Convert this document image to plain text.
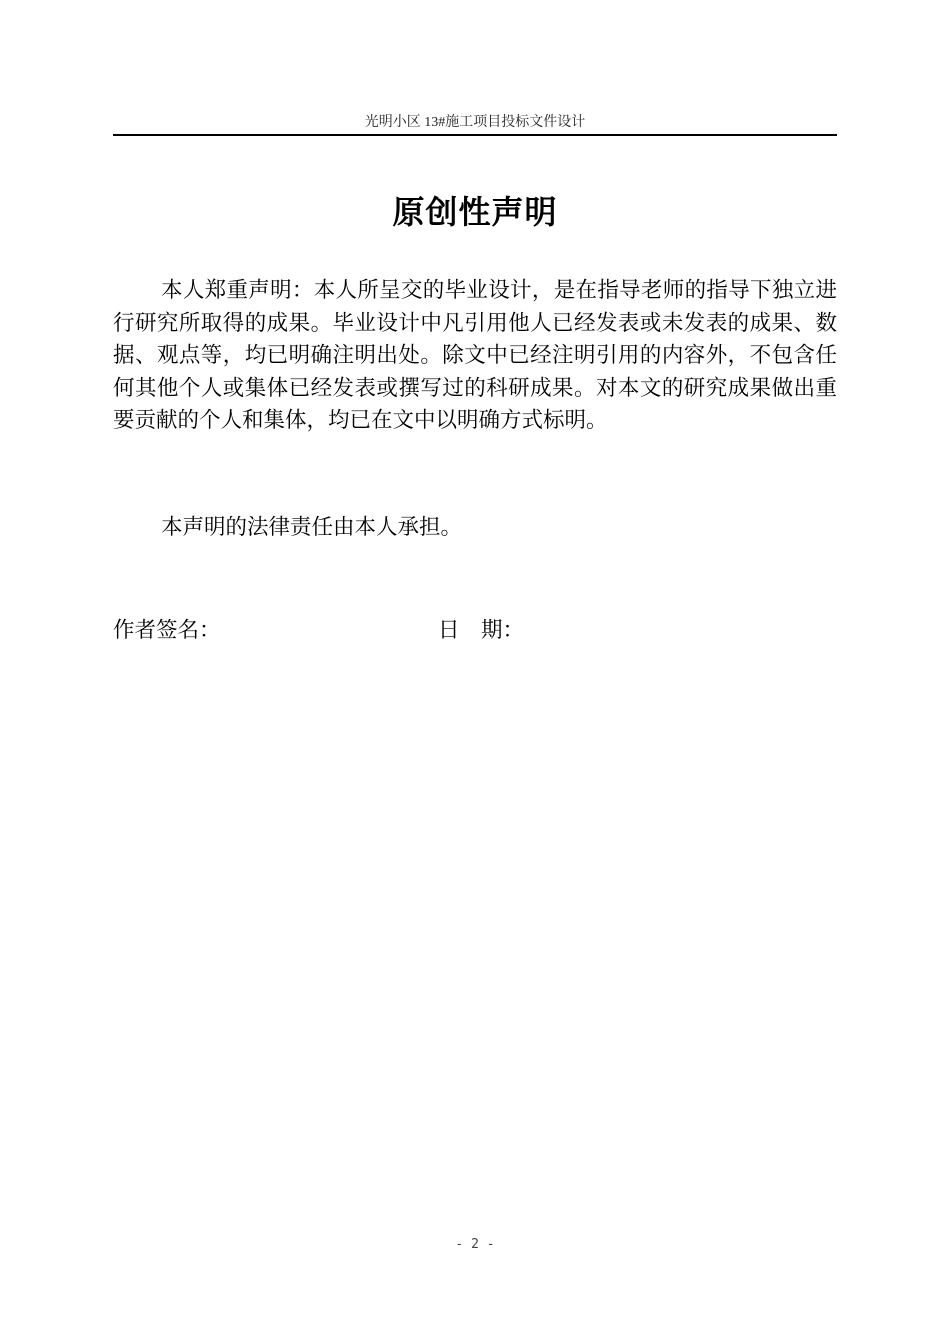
光明小区 13#施工项目投标文件设计
原创性声明

本人郑重声明：本人所呈交的毕业设计，是在指导老师的指导下独立进行研究所取得的成果。毕业设计中凡引用他人已经发表或未发表的成果、数据、观点等，均已明确注明出处。除文中已经注明引用的内容外，不包含任何其他个人或集体已经发表或撰写过的科研成果。对本文的研究成果做出重要贡献的个人和集体，均已在文中以明确方式标明。

本声明的法律责任由本人承担。

作者签名：	日　期：
- 2 -
